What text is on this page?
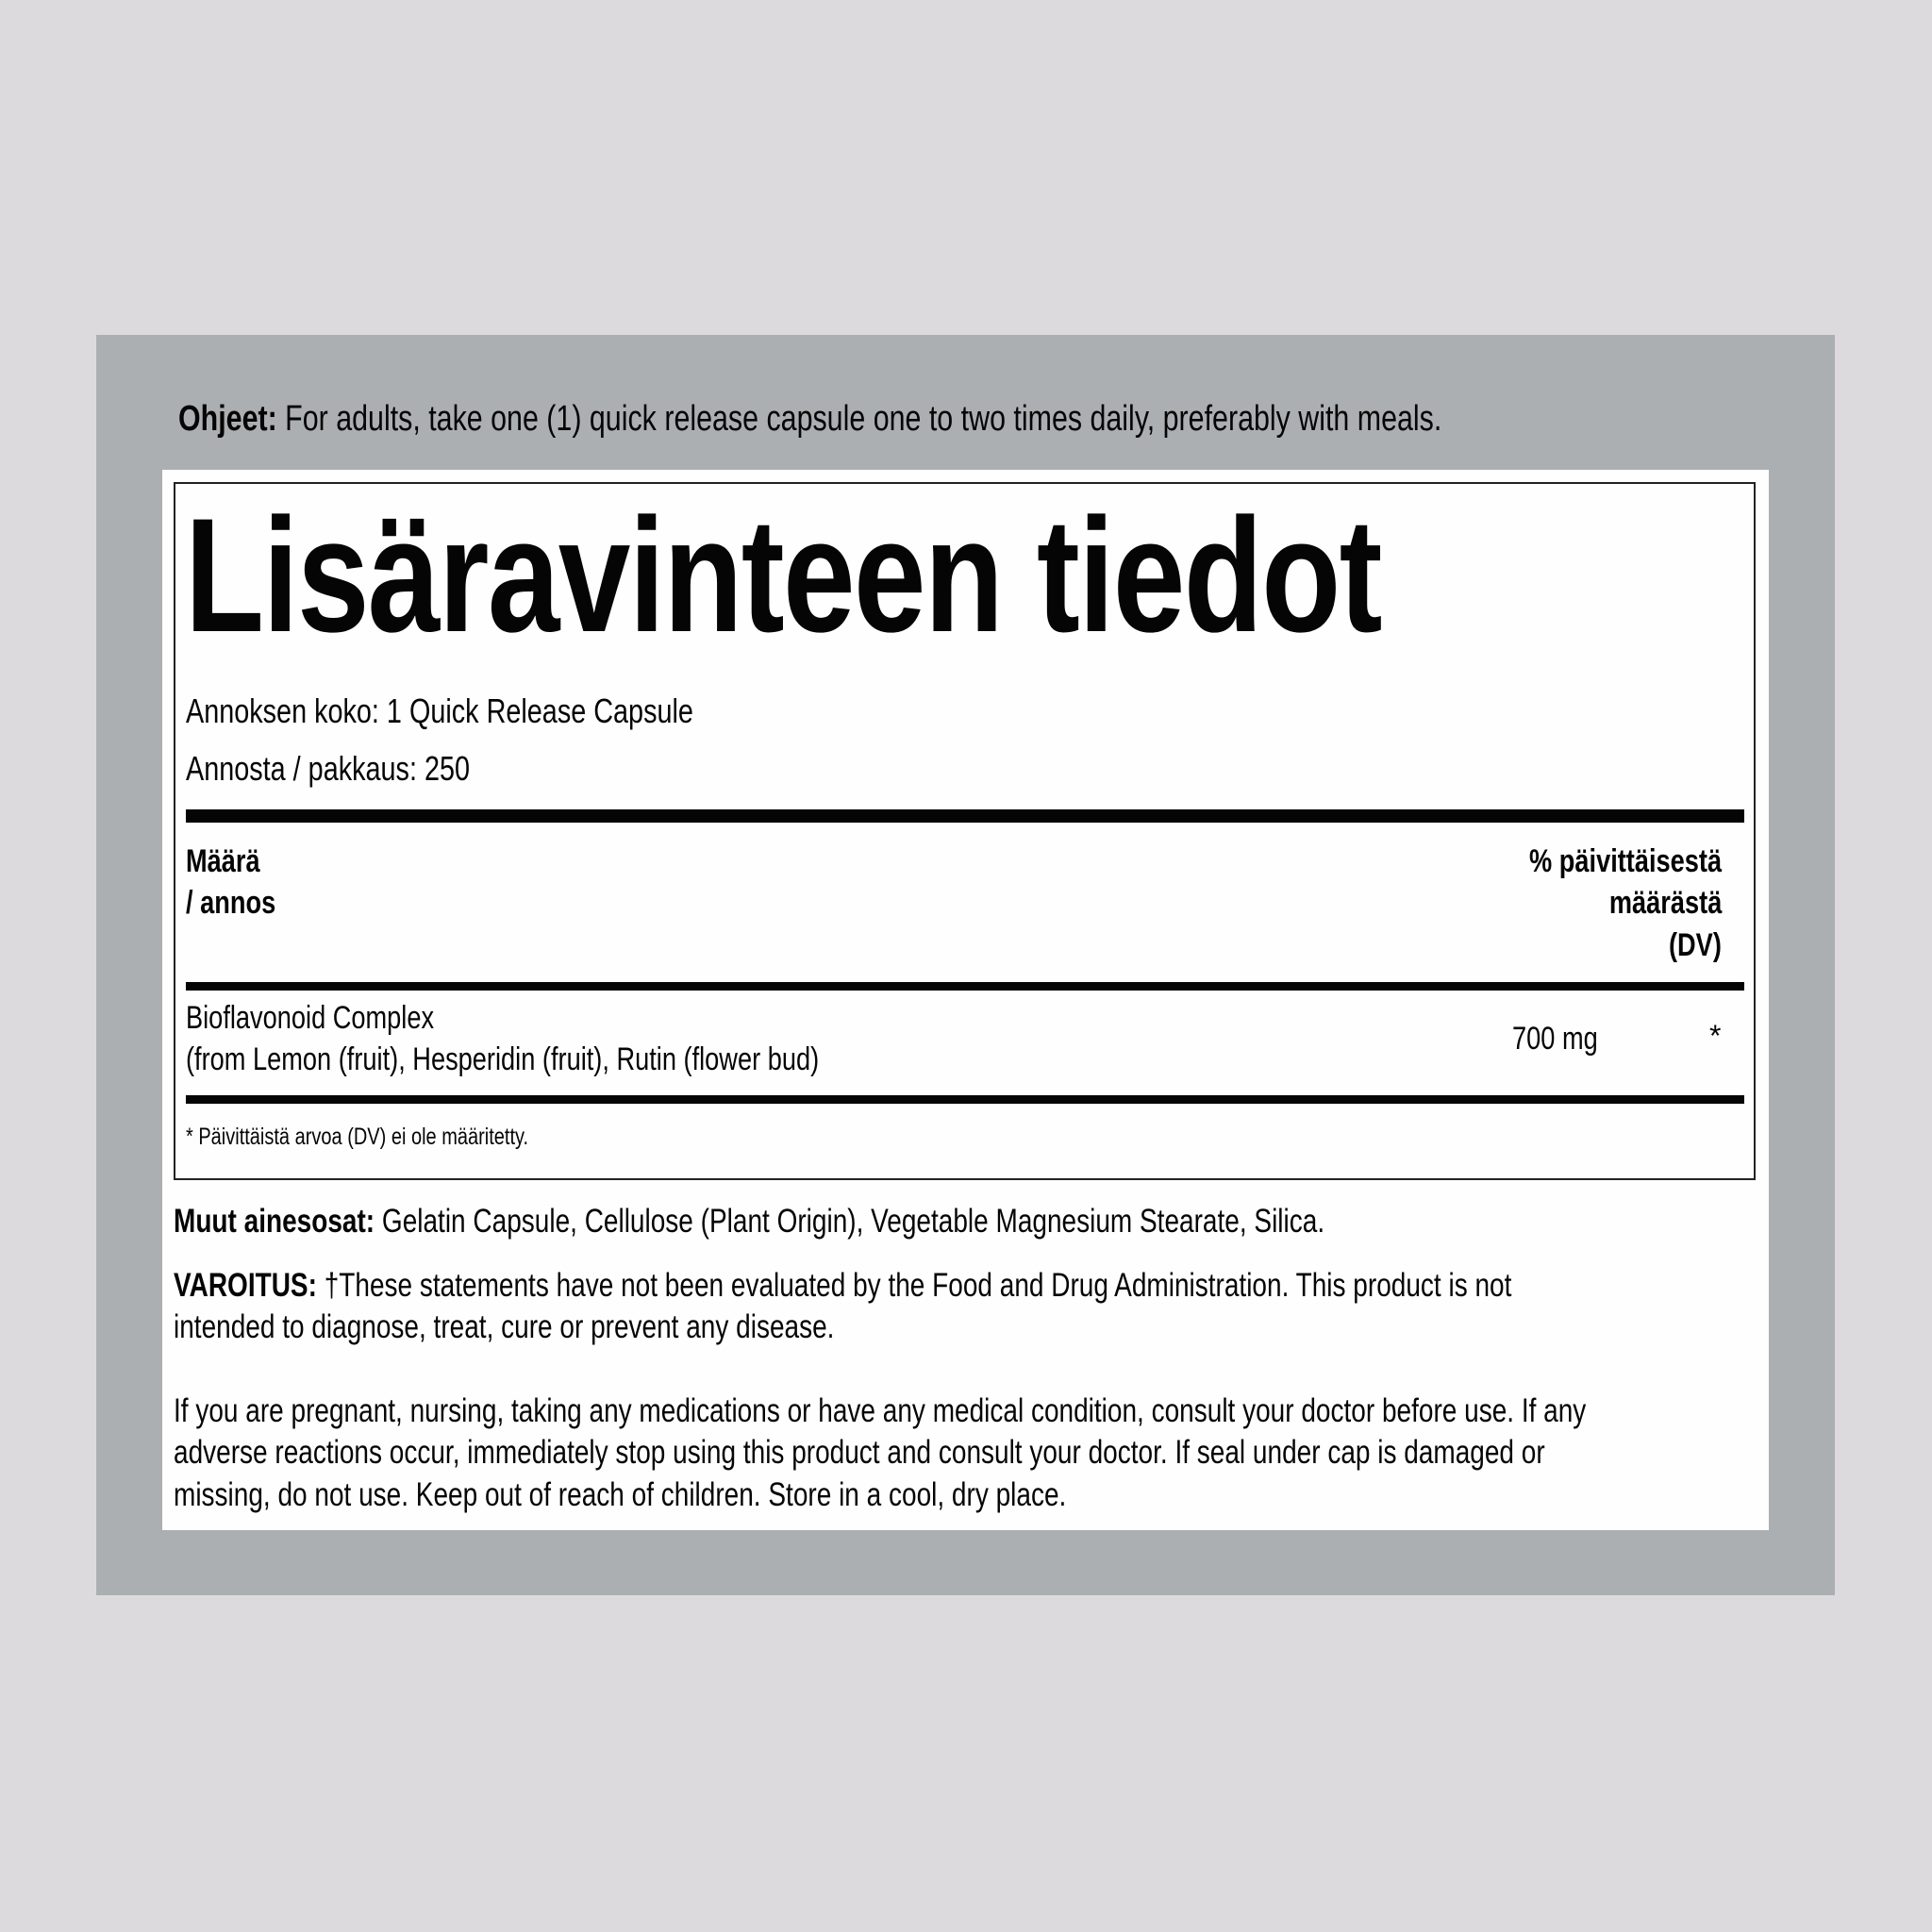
Ohjeet: For adults, take one (1) quick release capsule one to two times daily, preferably with meals.
Lisäravinteen tiedot
Annoksen koko: 1 Quick Release Capsule
Annosta / pakkaus: 250
Määrä
/ annos
% päivittäisestä
määrästä
(DV)
Bioflavonoid Complex
(from Lemon (fruit), Hesperidin (fruit), Rutin (flower bud)
700 mg	*
* Päivittäistä arvoa (DV) ei ole määritetty.
Muut ainesosat: Gelatin Capsule, Cellulose (Plant Origin), Vegetable Magnesium Stearate, Silica.
VAROITUS: †These statements have not been evaluated by the Food and Drug Administration. This product is not
intended to diagnose, treat, cure or prevent any disease.
If you are pregnant, nursing, taking any medications or have any medical condition, consult your doctor before use. If any
adverse reactions occur, immediately stop using this product and consult your doctor. If seal under cap is damaged or
missing, do not use. Keep out of reach of children. Store in a cool, dry place.
